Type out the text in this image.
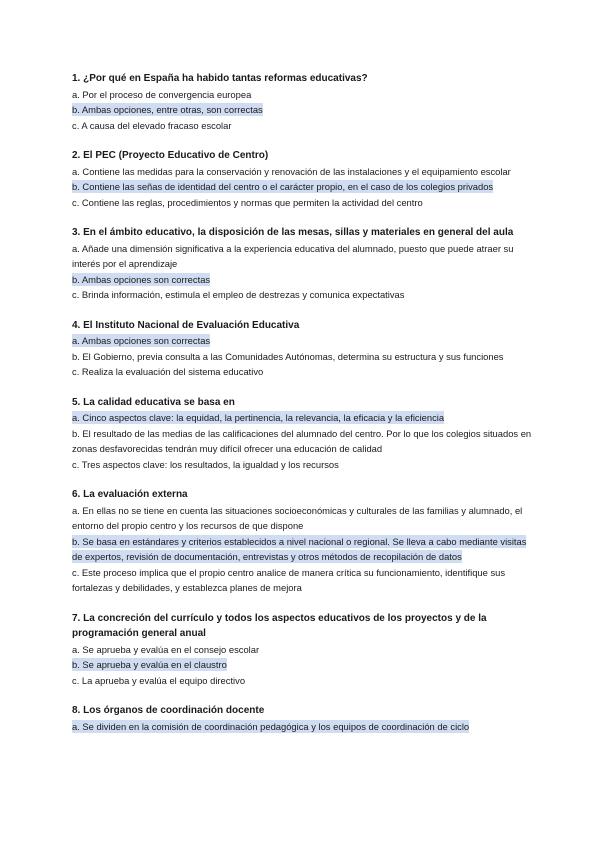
1. ¿Por qué en España ha habido tantas reformas educativas?

a. Por el proceso de convergencia europea

b. Ambas opciones, entre otras, son correctas

c. A causa del elevado fracaso escolar

2. El PEC (Proyecto Educativo de Centro)

a. Contiene las medidas para la conservación y renovación de las instalaciones y el equipamiento escolar

b. Contiene las señas de identidad del centro o el carácter propio, en el caso de los colegios privados

c. Contiene las reglas, procedimientos y normas que permiten la actividad del centro

3. En el ámbito educativo, la disposición de las mesas, sillas y materiales en general del aula

a. Añade una dimensión significativa a la experiencia educativa del alumnado, puesto que puede atraer su interés por el aprendizaje

b. Ambas opciones son correctas

c. Brinda información, estimula el empleo de destrezas y comunica expectativas

4. El Instituto Nacional de Evaluación Educativa

a. Ambas opciones son correctas

b. El Gobierno, previa consulta a las Comunidades Autónomas, determina su estructura y sus funciones

c. Realiza la evaluación del sistema educativo

5. La calidad educativa se basa en

a. Cinco aspectos clave: la equidad, la pertinencia, la relevancia, la eficacia y la eficiencia

b. El resultado de las medias de las calificaciones del alumnado del centro. Por lo que los colegios situados en zonas desfavorecidas tendrán muy difícil ofrecer una educación de calidad

c. Tres aspectos clave: los resultados, la igualdad y los recursos

6. La evaluación externa

a. En ellas no se tiene en cuenta las situaciones socioeconómicas y culturales de las familias y alumnado, el entorno del propio centro y los recursos de que dispone

b. Se basa en estándares y criterios establecidos a nivel nacional o regional. Se lleva a cabo mediante visitas de expertos, revisión de documentación, entrevistas y otros métodos de recopilación de datos

c. Este proceso implica que el propio centro analice de manera crítica su funcionamiento, identifique sus fortalezas y debilidades, y establezca planes de mejora

7. La concreción del currículo y todos los aspectos educativos de los proyectos y de la programación general anual

a. Se aprueba y evalúa en el consejo escolar

b. Se aprueba y evalúa en el claustro

c. La aprueba y evalúa el equipo directivo

8. Los órganos de coordinación docente

a. Se dividen en la comisión de coordinación pedagógica y los equipos de coordinación de ciclo
